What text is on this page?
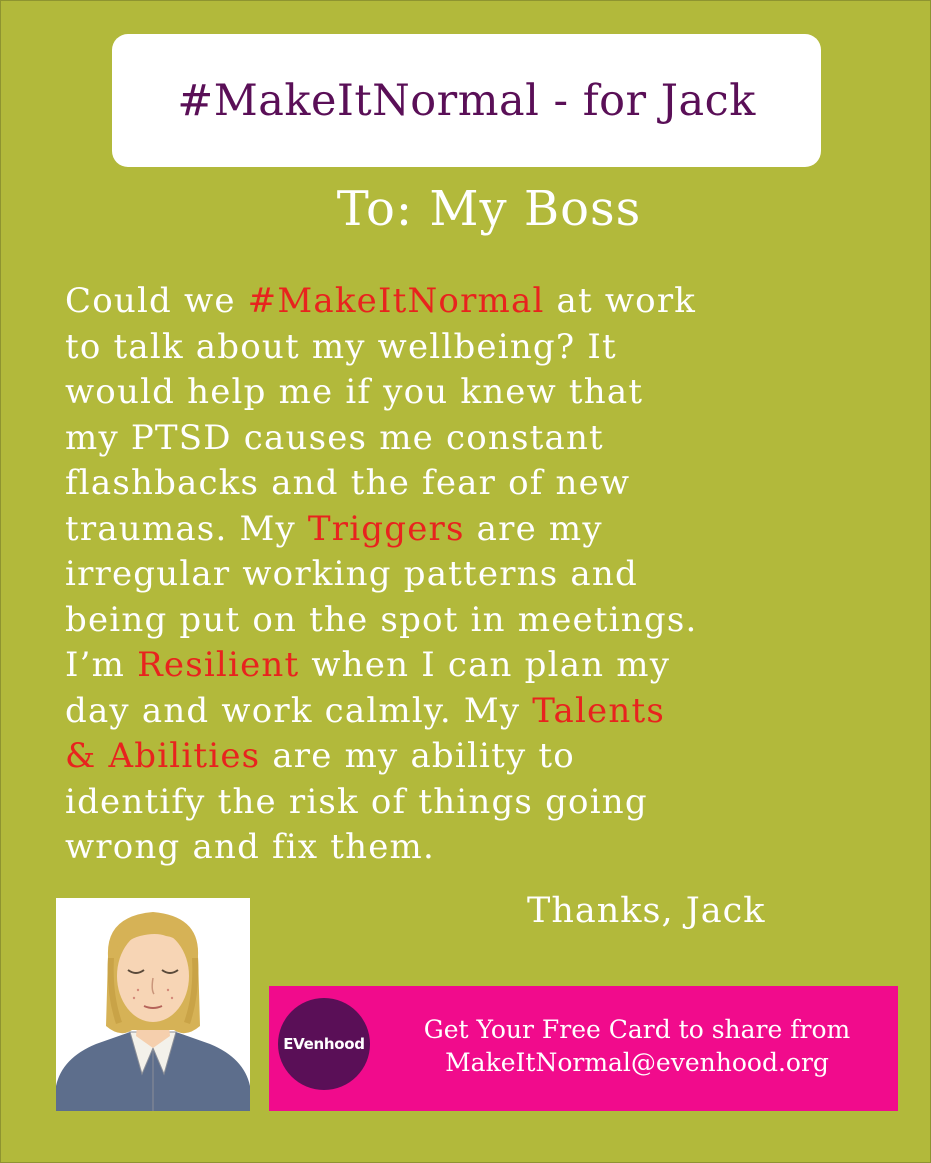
#MakeItNormal - for Jack
To: My Boss
Could we #MakeItNormal at work
to talk about my wellbeing? It
would help me if you knew that
my PTSD causes me constant
flashbacks and the fear of new
traumas. My Triggers are my
irregular working patterns and
being put on the spot in meetings.
I’m Resilient when I can plan my
day and work calmly. My Talents
& Abilities are my ability to
identify the risk of things going
wrong and fix them.
Thanks, Jack
EVenhood	Get Your Free Card to share from
MakeItNormal@evenhood.org
